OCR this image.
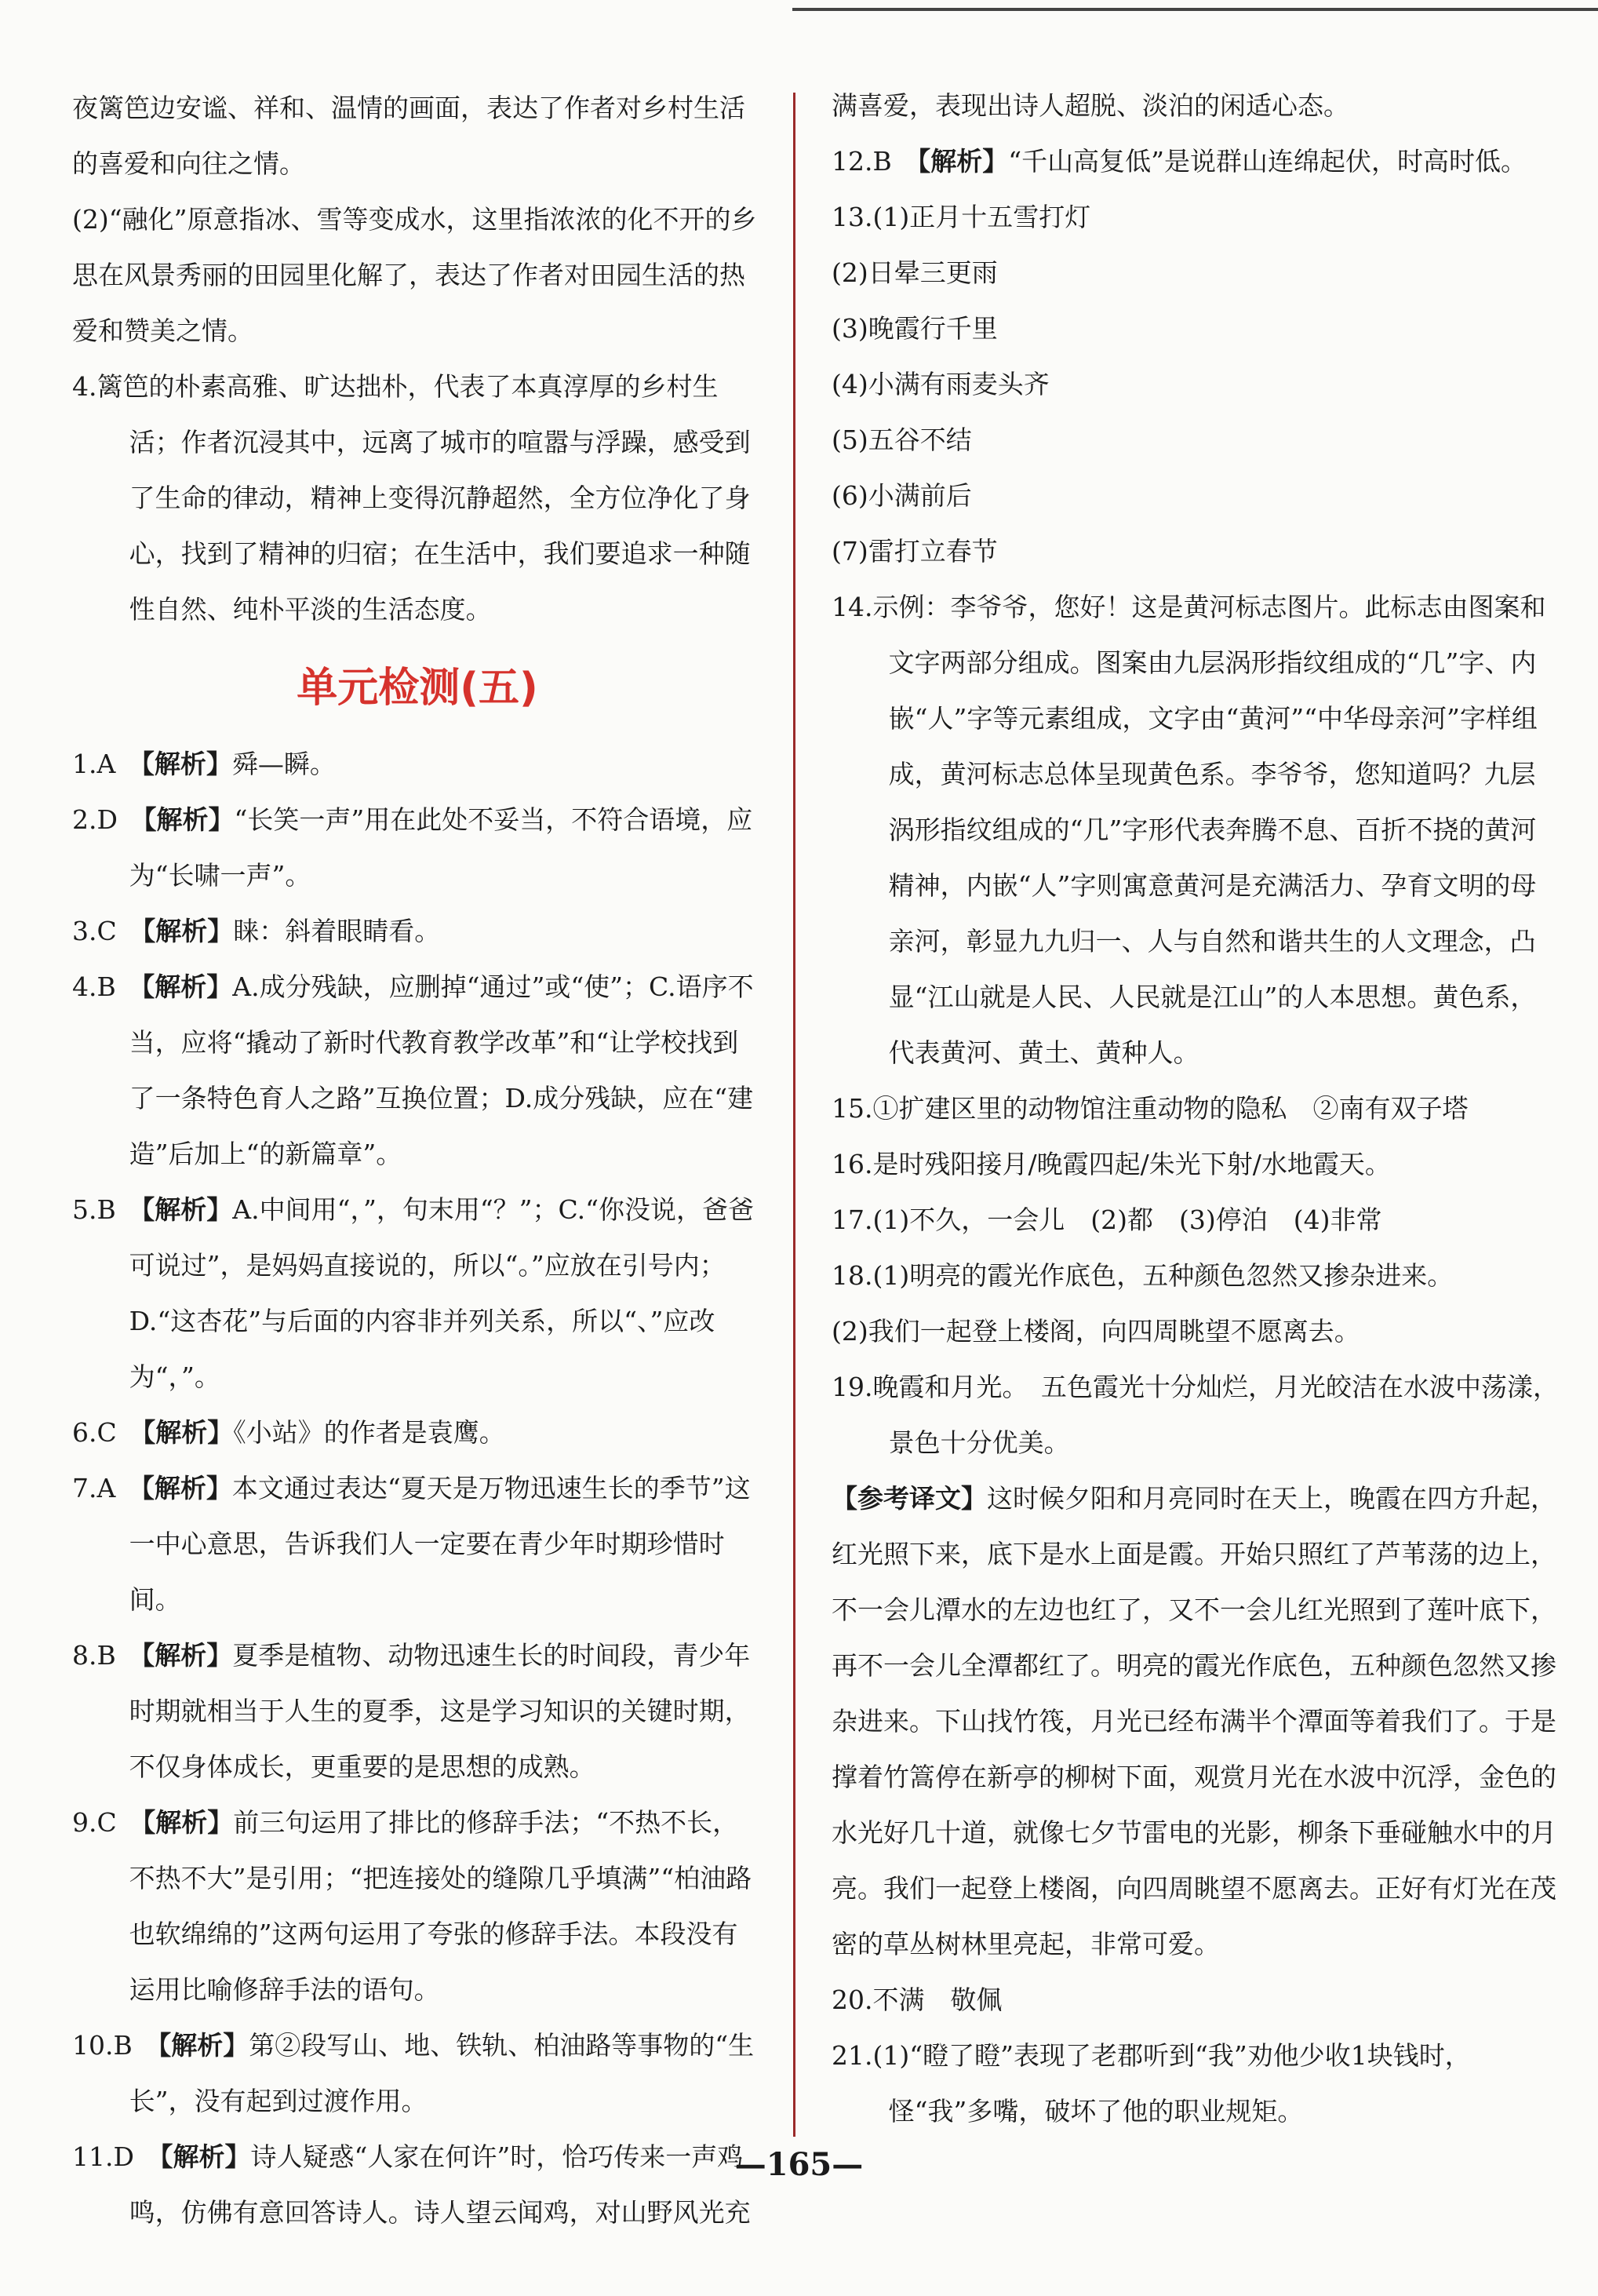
夜篱笆边安谧、祥和、温情的画面，表达了作者对乡村生活的喜爱和向往之情。

(2)“融化”原意指冰、雪等变成水，这里指浓浓的化不开的乡思在风景秀丽的田园里化解了，表达了作者对田园生活的热爱和赞美之情。

4.篱笆的朴素高雅、旷达拙朴，代表了本真淳厚的乡村生活；作者沉浸其中，远离了城市的喧嚣与浮躁，感受到了生命的律动，精神上变得沉静超然，全方位净化了身心，找到了精神的归宿；在生活中，我们要追求一种随性自然、纯朴平淡的生活态度。

单元检测(五)

1.A　 【解析】舜—瞬。

2.D　 【解析】“长笑一声”用在此处不妥当，不符合语境，应为“长啸一声”。

3.C　 【解析】睐：斜着眼睛看。

4.B　 【解析】A.成分残缺，应删掉“通过”或“使”；C.语序不当，应将“撬动了新时代教育教学改革”和“让学校找到了一条特色育人之路”互换位置；D.成分残缺，应在“建造”后加上“的新篇章”。

5.B　 【解析】A.中间用“，”，句末用“？”；C.“你没说，爸爸可说过”，是妈妈直接说的，所以“。”应放在引号内；D.“这杏花”与后面的内容非并列关系，所以“、”应改为“，”。

6.C　 【解析】《小站》的作者是袁鹰。

7.A　 【解析】本文通过表达“夏天是万物迅速生长的季节”这一中心意思，告诉我们人一定要在青少年时期珍惜时间。

8.B　 【解析】夏季是植物、动物迅速生长的时间段，青少年时期就相当于人生的夏季，这是学习知识的关键时期，不仅身体成长，更重要的是思想的成熟。

9.C　 【解析】前三句运用了排比的修辞手法；“不热不长，不热不大”是引用；“把连接处的缝隙几乎填满”“柏油路也软绵绵的”这两句运用了夸张的修辞手法。本段没有运用比喻修辞手法的语句。

10.B　 【解析】第②段写山、地、铁轨、柏油路等事物的“生长”，没有起到过渡作用。

11.D　 【解析】诗人疑惑“人家在何许”时，恰巧传来一声鸡鸣，仿佛有意回答诗人。诗人望云闻鸡，对山野风光充

满喜爱，表现出诗人超脱、淡泊的闲适心态。

12.B　 【解析】“千山高复低”是说群山连绵起伏，时高时低。

13.(1)正月十五雪打灯

(2)日晕三更雨

(3)晚霞行千里

(4)小满有雨麦头齐

(5)五谷不结

(6)小满前后

(7)雷打立春节

14.示例：李爷爷，您好！这是黄河标志图片。此标志由图案和文字两部分组成。图案由九层涡形指纹组成的“几”字、内嵌“人”字等元素组成，文字由“黄河”“中华母亲河”字样组成，黄河标志总体呈现黄色系。李爷爷，您知道吗？九层涡形指纹组成的“几”字形代表奔腾不息、百折不挠的黄河精神，内嵌“人”字则寓意黄河是充满活力、孕育文明的母亲河，彰显九九归一、人与自然和谐共生的人文理念，凸显“江山就是人民、人民就是江山”的人本思想。黄色系，代表黄河、黄土、黄种人。

15.①扩建区里的动物馆注重动物的隐私　②南有双子塔

16.是时残阳接月/晚霞四起/朱光下射/水地霞天。

17.(1)不久，一会儿　(2)都　(3)停泊　(4)非常

18.(1)明亮的霞光作底色，五种颜色忽然又掺杂进来。

(2)我们一起登上楼阁，向四周眺望不愿离去。

19.晚霞和月光。　五色霞光十分灿烂，月光皎洁在水波中荡漾，景色十分优美。

【参考译文】这时候夕阳和月亮同时在天上，晚霞在四方升起，红光照下来，底下是水上面是霞。开始只照红了芦苇荡的边上，不一会儿潭水的左边也红了，又不一会儿红光照到了莲叶底下，再不一会儿全潭都红了。明亮的霞光作底色，五种颜色忽然又掺杂进来。下山找竹筏，月光已经布满半个潭面等着我们了。于是撑着竹篙停在新亭的柳树下面，观赏月光在水波中沉浮，金色的水光好几十道，就像七夕节雷电的光影，柳条下垂碰触水中的月亮。我们一起登上楼阁，向四周眺望不愿离去。正好有灯光在茂密的草丛树林里亮起，非常可爱。

20.不满　敬佩

21.(1)“瞪了瞪”表现了老郡听到“我”劝他少收1块钱时，怪“我”多嘴，破坏了他的职业规矩。

—165—
